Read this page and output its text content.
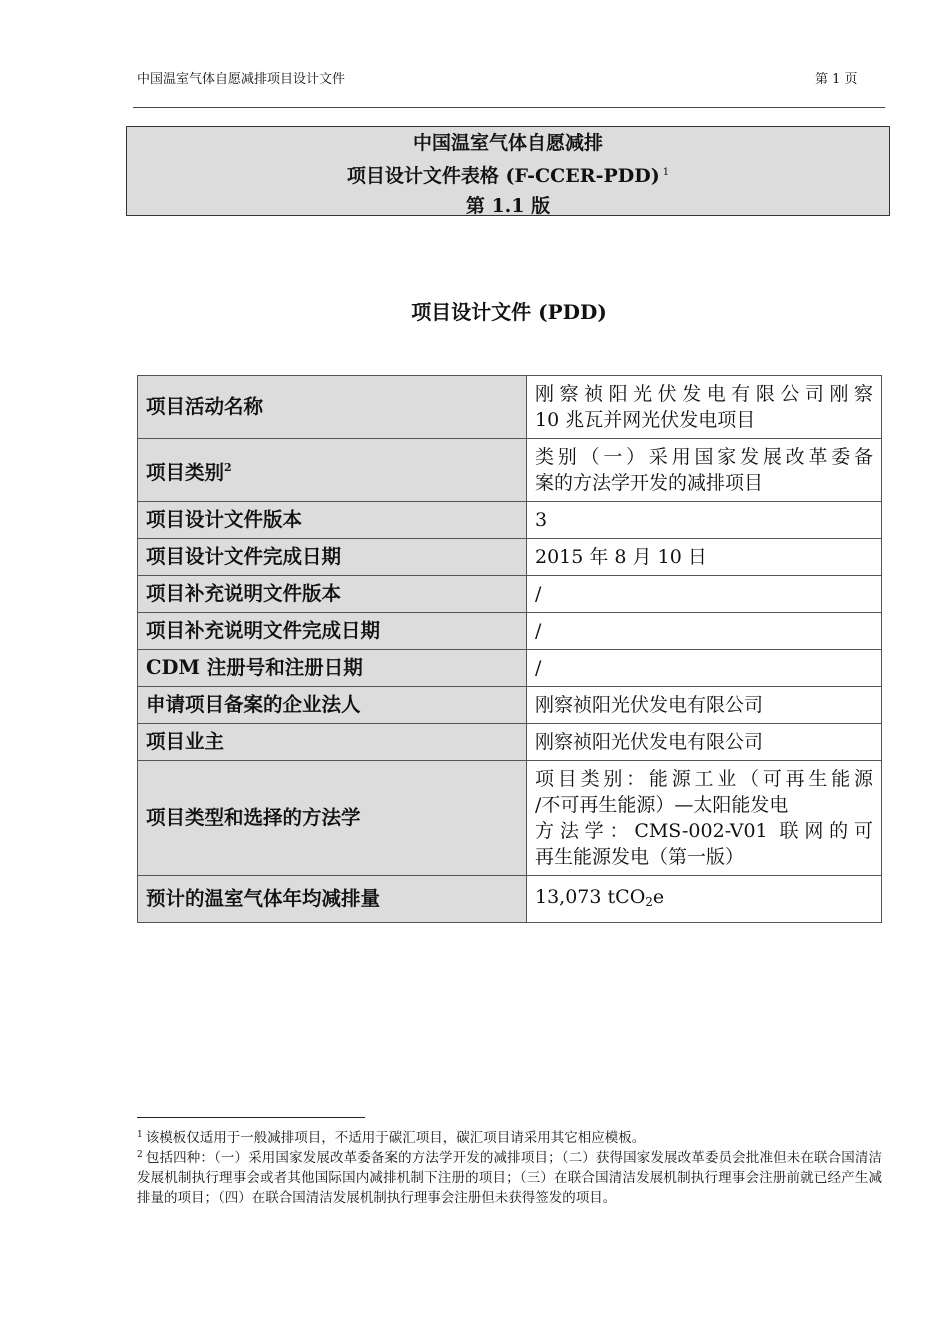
中国温室气体自愿减排项目设计文件	第 1 页
中国温室气体自愿减排
项目设计文件表格 (F-CCER-PDD) $^1$
第 1.1 版
项目设计文件 (PDD)
项目活动名称	刚察祯阳光伏发电有限公司刚察
10 兆瓦并网光伏发电项目
项目类别$^2$	类别（一）采用国家发展改革委备
案的方法学开发的减排项目
项目设计文件版本	3
项目设计文件完成日期	2015 年 8 月 10 日
项目补充说明文件版本	/
项目补充说明文件完成日期	/
CDM 注册号和注册日期	/
申请项目备案的企业法人	刚察祯阳光伏发电有限公司
项目业主	刚察祯阳光伏发电有限公司
项目类型和选择的方法学	项目类别：能源工业（可再生能源
/不可再生能源）—太阳能发电
方法学：CMS-002-V01 联网的可
再生能源发电（第一版）
预计的温室气体年均减排量	13,073 tCO$_2$e
$^1$ 该模板仅适用于一般减排项目，不适用于碳汇项目，碳汇项目请采用其它相应模板。
$^2$ 包括四种：（一）采用国家发展改革委备案的方法学开发的减排项目；（二）获得国家发展改革委员会批准但未在联合国清洁发展机制执行理事会或者其他国际国内减排机制下注册的项目；（三）在联合国清洁发展机制执行理事会注册前就已经产生减排量的项目；（四）在联合国清洁发展机制执行理事会注册但未获得签发的项目。
